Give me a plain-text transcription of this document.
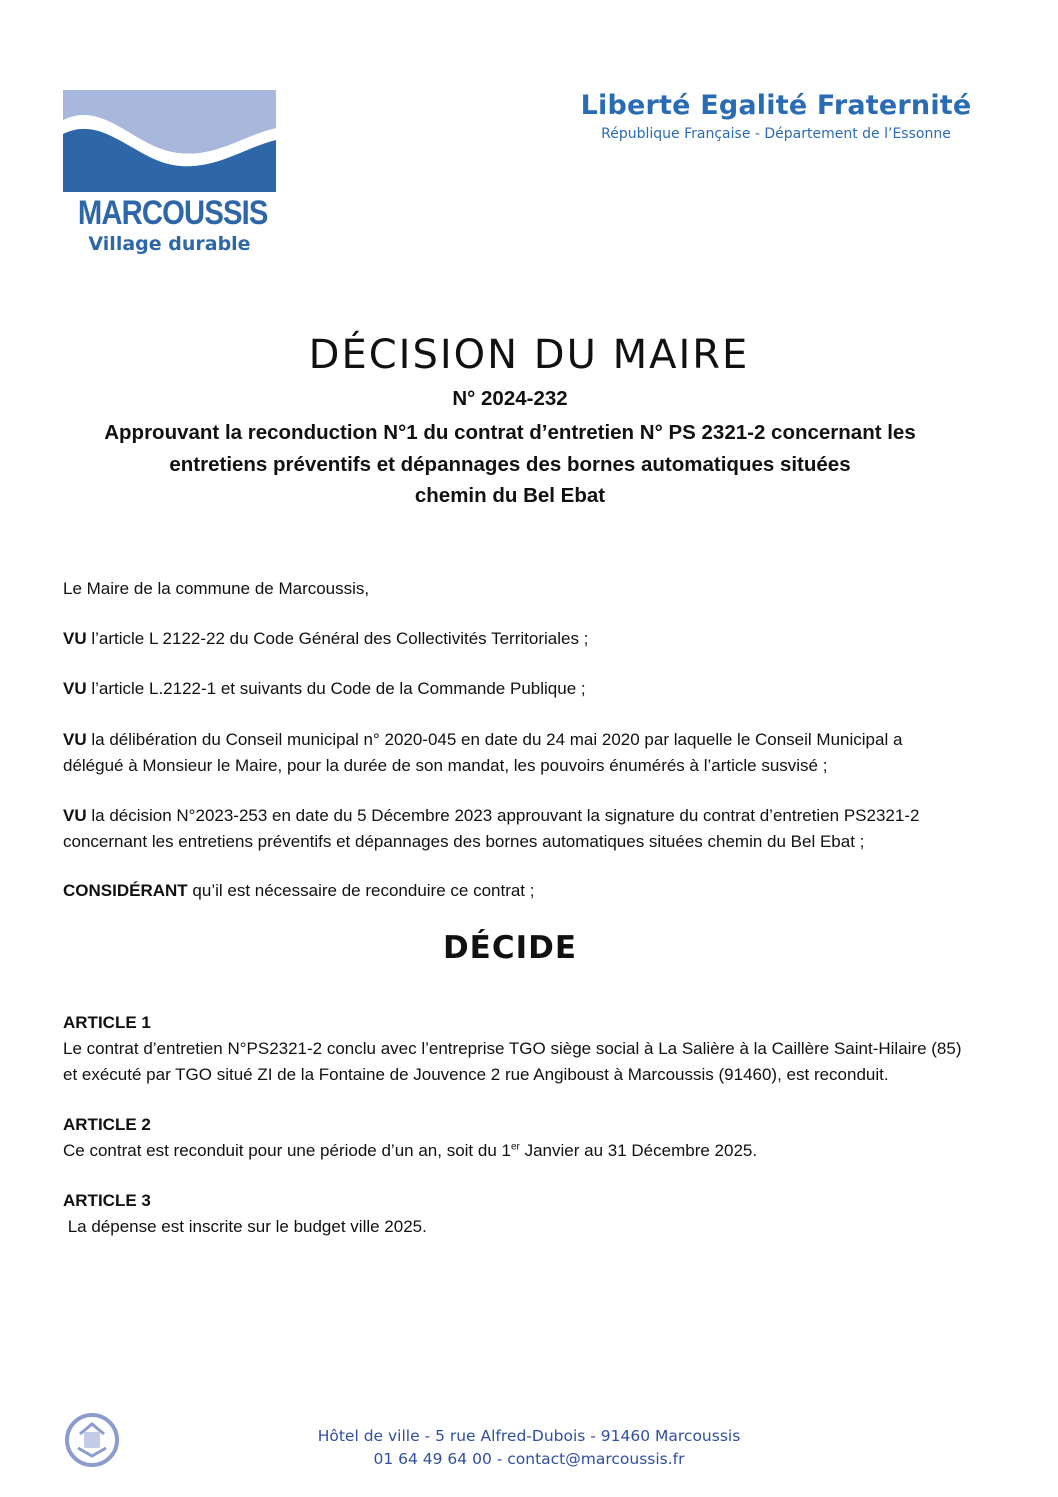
MARCOUSSIS
Village durable
Liberté Egalité Fraternité
République Française - Département de l’Essonne
DÉCISION DU MAIRE
N° 2024-232
Approuvant la reconduction N°1 du contrat d’entretien N° PS 2321-2 concernant les
entretiens préventifs et dépannages des bornes automatiques situées
chemin du Bel Ebat
Le Maire de la commune de Marcoussis,
VU l’article L 2122-22 du Code Général des Collectivités Territoriales ;
VU l’article L.2122-1 et suivants du Code de la Commande Publique ;
VU la délibération du Conseil municipal n° 2020-045 en date du 24 mai 2020 par laquelle le Conseil Municipal a délégué à Monsieur le Maire, pour la durée de son mandat, les pouvoirs énumérés à l’article susvisé ;
VU la décision N°2023-253 en date du 5 Décembre 2023 approuvant la signature du contrat d’entretien PS2321-2 concernant les entretiens préventifs et dépannages des bornes automatiques situées chemin du Bel Ebat ;
CONSIDÉRANT qu’il est nécessaire de reconduire ce contrat ;
DÉCIDE
ARTICLE 1
Le contrat d’entretien N°PS2321-2 conclu avec l’entreprise TGO siège social à La Salière à la Caillère Saint-Hilaire (85) et exécuté par TGO situé ZI de la Fontaine de Jouvence 2 rue Angiboust à Marcoussis (91460), est reconduit.
ARTICLE 2
Ce contrat est reconduit pour une période d’un an, soit du 1er Janvier au 31 Décembre 2025.
ARTICLE 3
La dépense est inscrite sur le budget ville 2025.
Hôtel de ville - 5 rue Alfred-Dubois - 91460 Marcoussis
01 64 49 64 00 - contact@marcoussis.fr
